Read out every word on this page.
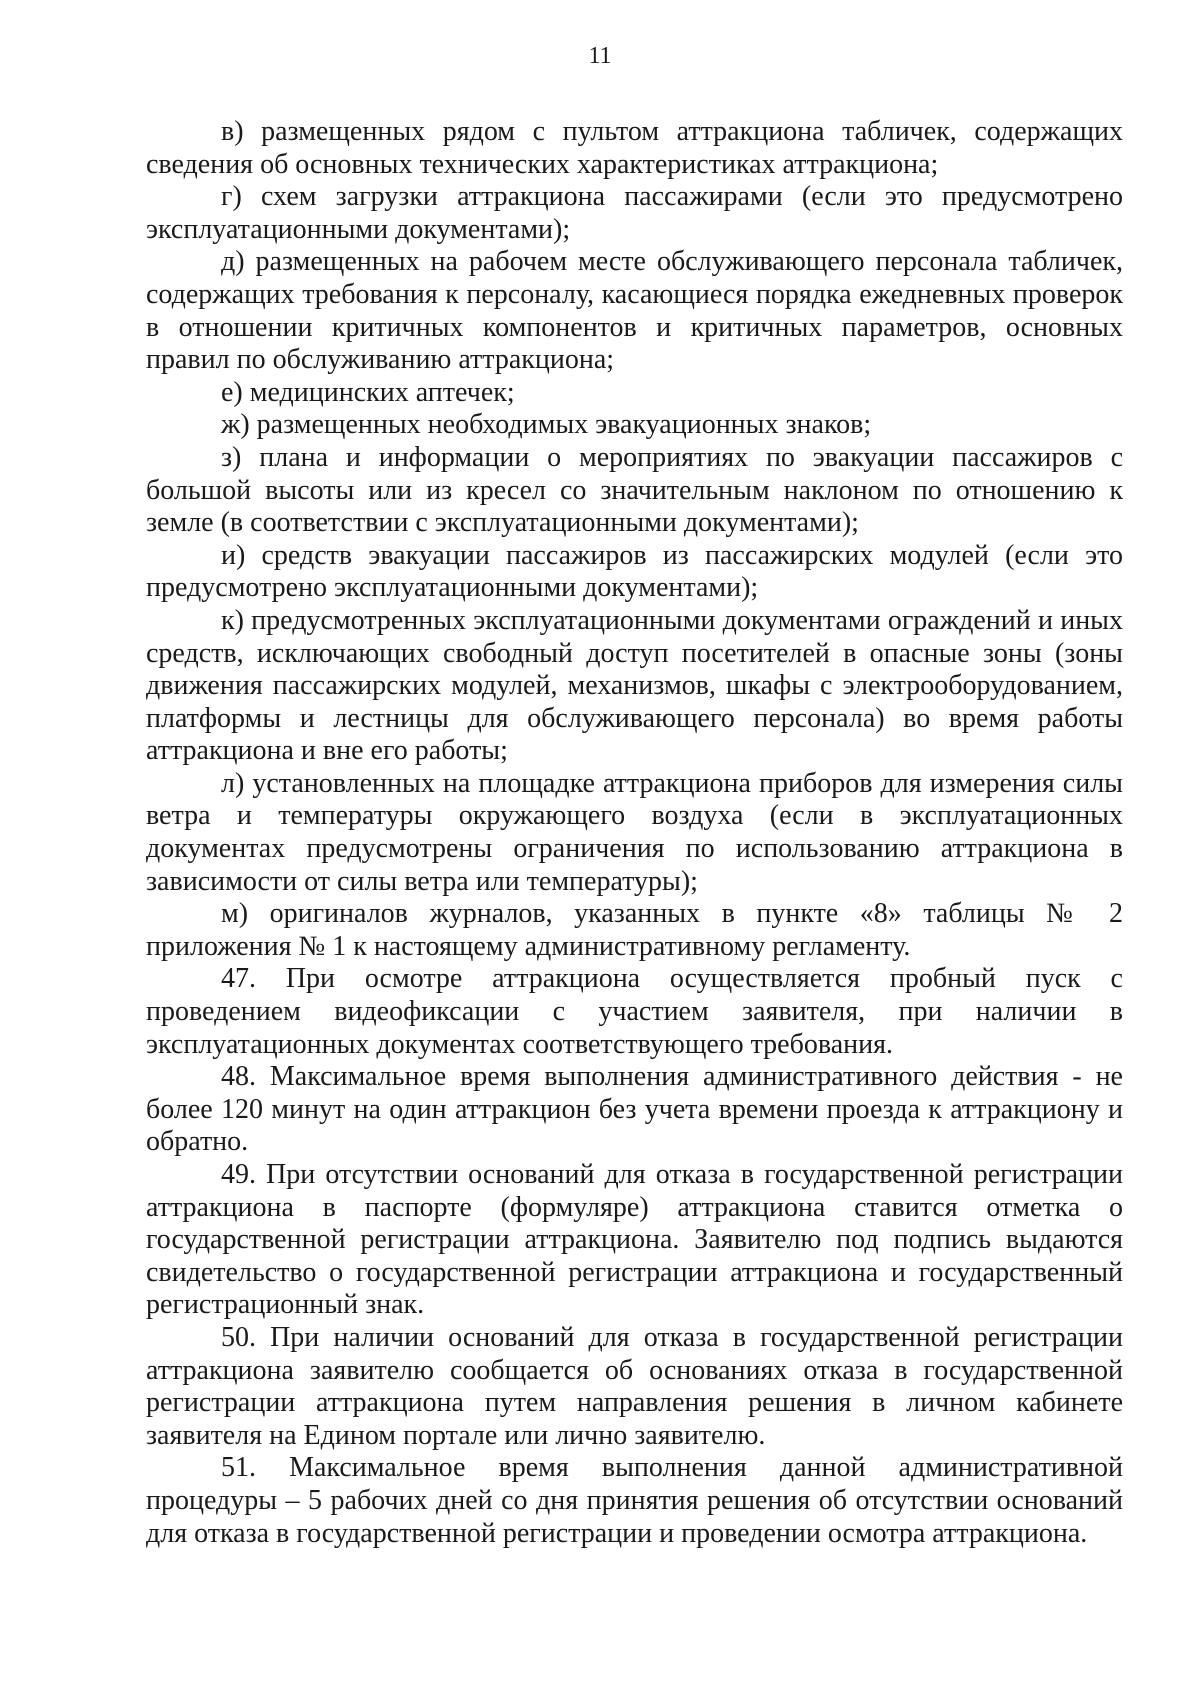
11

в) размещенных рядом с пультом аттракциона табличек, содержащих сведения об основных технических характеристиках аттракциона;

г) схем загрузки аттракциона пассажирами (если это предусмотрено эксплуатационными документами);

д) размещенных на рабочем месте обслуживающего персонала табличек, содержащих требования к персоналу, касающиеся порядка ежедневных проверок в отношении критичных компонентов и критичных параметров, основных правил по обслуживанию аттракциона;

е) медицинских аптечек;

ж) размещенных необходимых эвакуационных знаков;

з) плана и информации о мероприятиях по эвакуации пассажиров с большой высоты или из кресел со значительным наклоном по отношению к земле (в соответствии с эксплуатационными документами);

и) средств эвакуации пассажиров из пассажирских модулей (если это предусмотрено эксплуатационными документами);

к) предусмотренных эксплуатационными документами ограждений и иных средств, исключающих свободный доступ посетителей в опасные зоны (зоны движения пассажирских модулей, механизмов, шкафы с электрооборудованием, платформы и лестницы для обслуживающего персонала) во время работы аттракциона и вне его работы;

л) установленных на площадке аттракциона приборов для измерения силы ветра и температуры окружающего воздуха (если в эксплуатационных документах предусмотрены ограничения по использованию аттракциона в зависимости от силы ветра или температуры);

м) оригиналов журналов, указанных в пункте «8» таблицы № 2 приложения № 1 к настоящему административному регламенту.

47. При осмотре аттракциона осуществляется пробный пуск с проведением видеофиксации с участием заявителя, при наличии в эксплуатационных документах соответствующего требования.

48. Максимальное время выполнения административного действия - не более 120 минут на один аттракцион без учета времени проезда к аттракциону и обратно.

49. При отсутствии оснований для отказа в государственной регистрации аттракциона в паспорте (формуляре) аттракциона ставится отметка о государственной регистрации аттракциона. Заявителю под подпись выдаются свидетельство о государственной регистрации аттракциона и государственный регистрационный знак.

50. При наличии оснований для отказа в государственной регистрации аттракциона заявителю сообщается об основаниях отказа в государственной регистрации аттракциона путем направления решения в личном кабинете заявителя на Едином портале или лично заявителю.

51. Максимальное время выполнения данной административной процедуры – 5 рабочих дней со дня принятия решения об отсутствии оснований для отказа в государственной регистрации и проведении осмотра аттракциона.
